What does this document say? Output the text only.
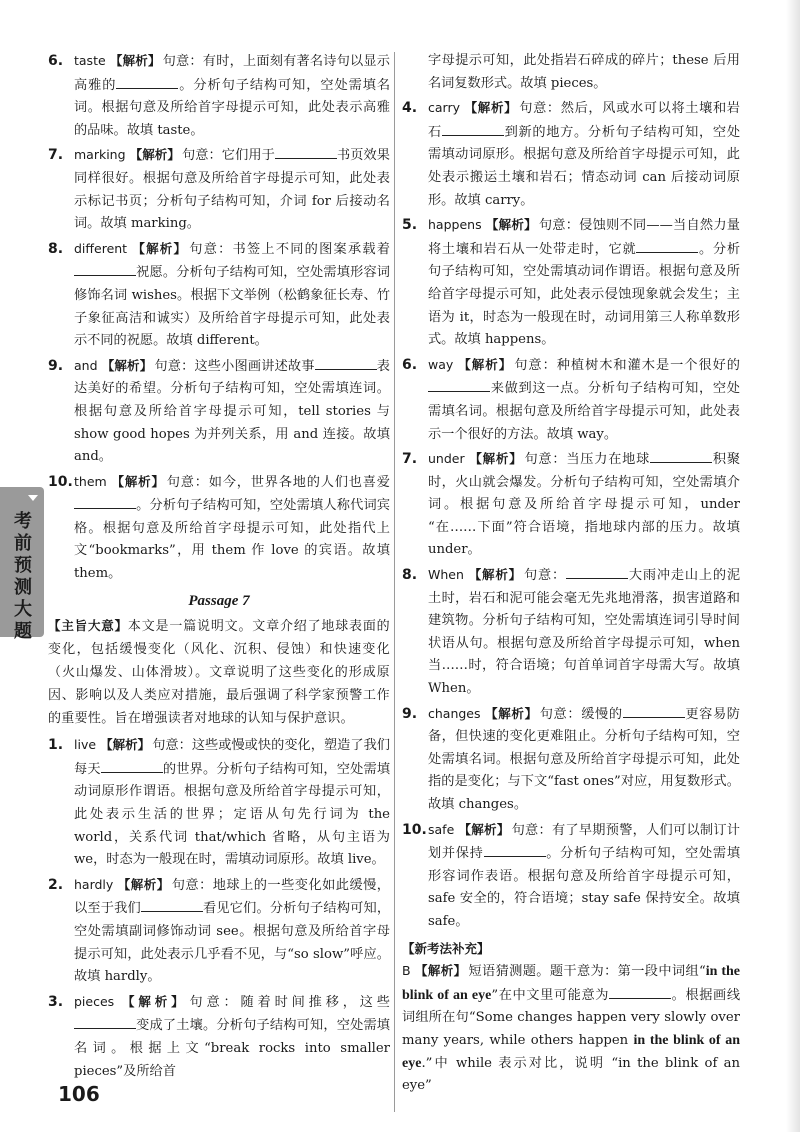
6. taste 【解析】 句意：有时，上面刻有著名诗句以显示高雅的	。分析句子结构可知，空处需填名词。根据句意及所给首字母提示可知，此处表示高雅的品味。故填 taste。
7. marking 【解析】 句意：它们用于	书页效果同样很好。根据句意及所给首字母提示可知，此处表示标记书页；分析句子结构可知，介词 for 后接动名词。故填 marking。
8. different 【解析】 句意：书签上不同的图案承载着祝愿。分析句子结构可知，空处需填形容词修饰名词 wishes。根据下文举例（松鹤象征长寿、竹子象征高洁和诚实）及所给首字母提示可知，此处表示不同的祝愿。故填 different。
9. and 【解析】 句意：这些小图画讲述故事	表达美好的希望。分析句子结构可知，空处需填连词。根据句意及所给首字母提示可知，tell stories 与 show good hopes 为并列关系，用 and 连接。故填 and。
10. them 【解析】 句意：如今，世界各地的人们也喜爱。分析句子结构可知，空处需填人称代词宾格。根据句意及所给首字母提示可知，此处指代上文“bookmarks”，用 them 作 love 的宾语。故填 them。
Passage 7
【主旨大意】本文是一篇说明文。文章介绍了地球表面的变化，包括缓慢变化（风化、沉积、侵蚀）和快速变化（火山爆发、山体滑坡）。文章说明了这些变化的形成原因、影响以及人类应对措施，最后强调了科学家预警工作的重要性。旨在增强读者对地球的认知与保护意识。
1. live 【解析】 句意：这些或慢或快的变化，塑造了我们每天	的世界。分析句子结构可知，空处需填动词原形作谓语。根据句意及所给首字母提示可知，此处表示生活的世界；定语从句先行词为 the world，关系代词 that/which 省略，从句主语为 we，时态为一般现在时，需填动词原形。故填 live。
2. hardly 【解析】 句意：地球上的一些变化如此缓慢，以至于我们	看见它们。分析句子结构可知，空处需填副词修饰动词 see。根据句意及所给首字母提示可知，此处表示几乎看不见，与“so slow”呼应。故填 hardly。
3. pieces 【解析】 句意：随着时间推移，这些变成了土壤。分析句子结构可知，空处需填名词。根据上文“break rocks into smaller pieces”及所给首
字母提示可知，此处指岩石碎成的碎片；these 后用名词复数形式。故填 pieces。
4. carry 【解析】 句意：然后，风或水可以将土壤和岩石	到新的地方。分析句子结构可知，空处需填动词原形。根据句意及所给首字母提示可知，此处表示搬运土壤和岩石；情态动词 can 后接动词原形。故填 carry。
5. happens 【解析】 句意：侵蚀则不同——当自然力量将土壤和岩石从一处带走时，它就	。分析句子结构可知，空处需填动词作谓语。根据句意及所给首字母提示可知，此处表示侵蚀现象就会发生；主语为 it，时态为一般现在时，动词用第三人称单数形式。故填 happens。
6. way 【解析】 句意：种植树木和灌木是一个很好的来做到这一点。分析句子结构可知，空处需填名词。根据句意及所给首字母提示可知，此处表示一个很好的方法。故填 way。
7. under 【解析】 句意：当压力在地球	积聚时，火山就会爆发。分析句子结构可知，空处需填介词。根据句意及所给首字母提示可知，under “在……下面”符合语境，指地球内部的压力。故填 under。
8. When 【解析】 句意：	大雨冲走山上的泥土时，岩石和泥可能会毫无先兆地滑落，损害道路和建筑物。分析句子结构可知，空处需填连词引导时间状语从句。根据句意及所给首字母提示可知，when 当……时，符合语境；句首单词首字母需大写。故填 When。
9. changes 【解析】 句意：缓慢的	更容易防备，但快速的变化更难阻止。分析句子结构可知，空处需填名词。根据句意及所给首字母提示可知，此处指的是变化；与下文“fast ones”对应，用复数形式。故填 changes。
10. safe 【解析】 句意：有了早期预警，人们可以制订计划并保持	。分析句子结构可知，空处需填形容词作表语。根据句意及所给首字母提示可知，safe 安全的，符合语境；stay safe 保持安全。故填 safe。
【新考法补充】
B 【解析】 短语猜测题。题干意为：第一段中词组“in the blink of an eye”在中文里可能意为	。根据画线词组所在句“Some changes happen very slowly over many years, while others happen in the blink of an eye.”中 while 表示对比，说明 “in the blink of an eye”
考前预测大题
106
